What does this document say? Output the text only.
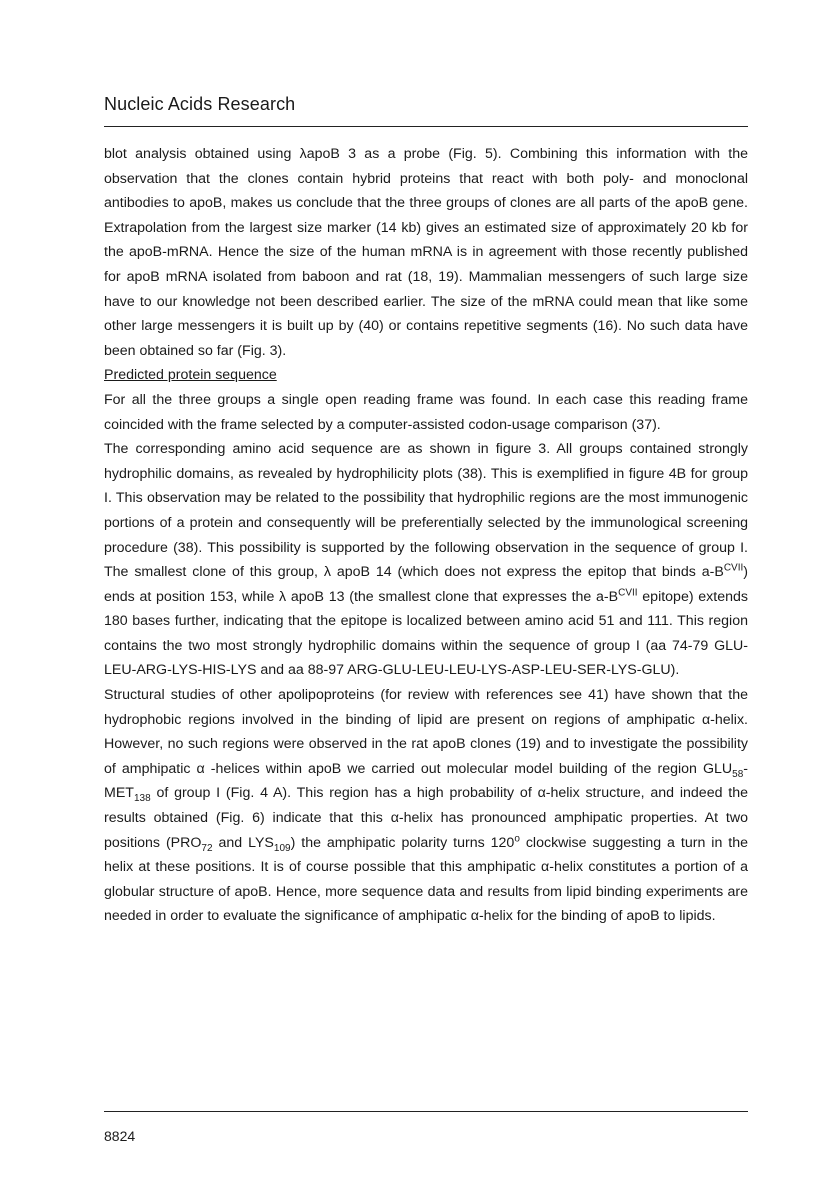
Nucleic Acids Research

blot analysis obtained using λapoB 3 as a probe (Fig. 5). Combining this information with the observation that the clones contain hybrid proteins that react with both poly- and monoclonal antibodies to apoB, makes us conclude that the three groups of clones are all parts of the apoB gene. Extrapolation from the largest size marker (14 kb) gives an estimated size of approximately 20 kb for the apoB-mRNA. Hence the size of the human mRNA is in agreement with those recently published for apoB mRNA isolated from baboon and rat (18, 19). Mammalian messengers of such large size have to our knowledge not been described earlier. The size of the mRNA could mean that like some other large messengers it is built up by (40) or contains repetitive segments (16). No such data have been obtained so far (Fig. 3).

Predicted protein sequence

For all the three groups a single open reading frame was found. In each case this reading frame coincided with the frame selected by a computer-assisted codon-usage comparison (37).

The corresponding amino acid sequence are as shown in figure 3. All groups contained strongly hydrophilic domains, as revealed by hydrophilicity plots (38). This is exemplified in figure 4B for group I. This observation may be related to the possibility that hydrophilic regions are the most immunogenic portions of a protein and consequently will be preferentially selected by the immunological screening procedure (38). This possibility is supported by the following observation in the sequence of group I. The smallest clone of this group, λ apoB 14 (which does not express the epitop that binds $a-B^{CVII}$) ends at position 153, while λ apoB 13 (the smallest clone that expresses the $a-B^{CVII}$ epitope) extends 180 bases further, indicating that the epitope is localized between amino acid 51 and 111. This region contains the two most strongly hydrophilic domains within the sequence of group I (aa 74-79 GLU-LEU-ARG-LYS-HIS-LYS and aa 88-97 ARG-GLU-LEU-LEU-LYS-ASP-LEU-SER-LYS-GLU).

Structural studies of other apolipoproteins (for review with references see 41) have shown that the hydrophobic regions involved in the binding of lipid are present on regions of amphipatic α-helix. However, no such regions were observed in the rat apoB clones (19) and to investigate the possibility of amphipatic α -helices within apoB we carried out molecular model building of the region $GLU_{58}-MET_{138}$ of group I (Fig. 4 A). This region has a high probability of α-helix structure, and indeed the results obtained (Fig. 6) indicate that this α-helix has pronounced amphipatic properties. At two positions ($PRO_{72}$ and $LYS_{109}$) the amphipatic polarity turns 120$^o$ clockwise suggesting a turn in the helix at these positions. It is of course possible that this amphipatic α-helix constitutes a portion of a globular structure of apoB. Hence, more sequence data and results from lipid binding experiments are needed in order to evaluate the significance of amphipatic α-helix for the binding of apoB to lipids.

8824
